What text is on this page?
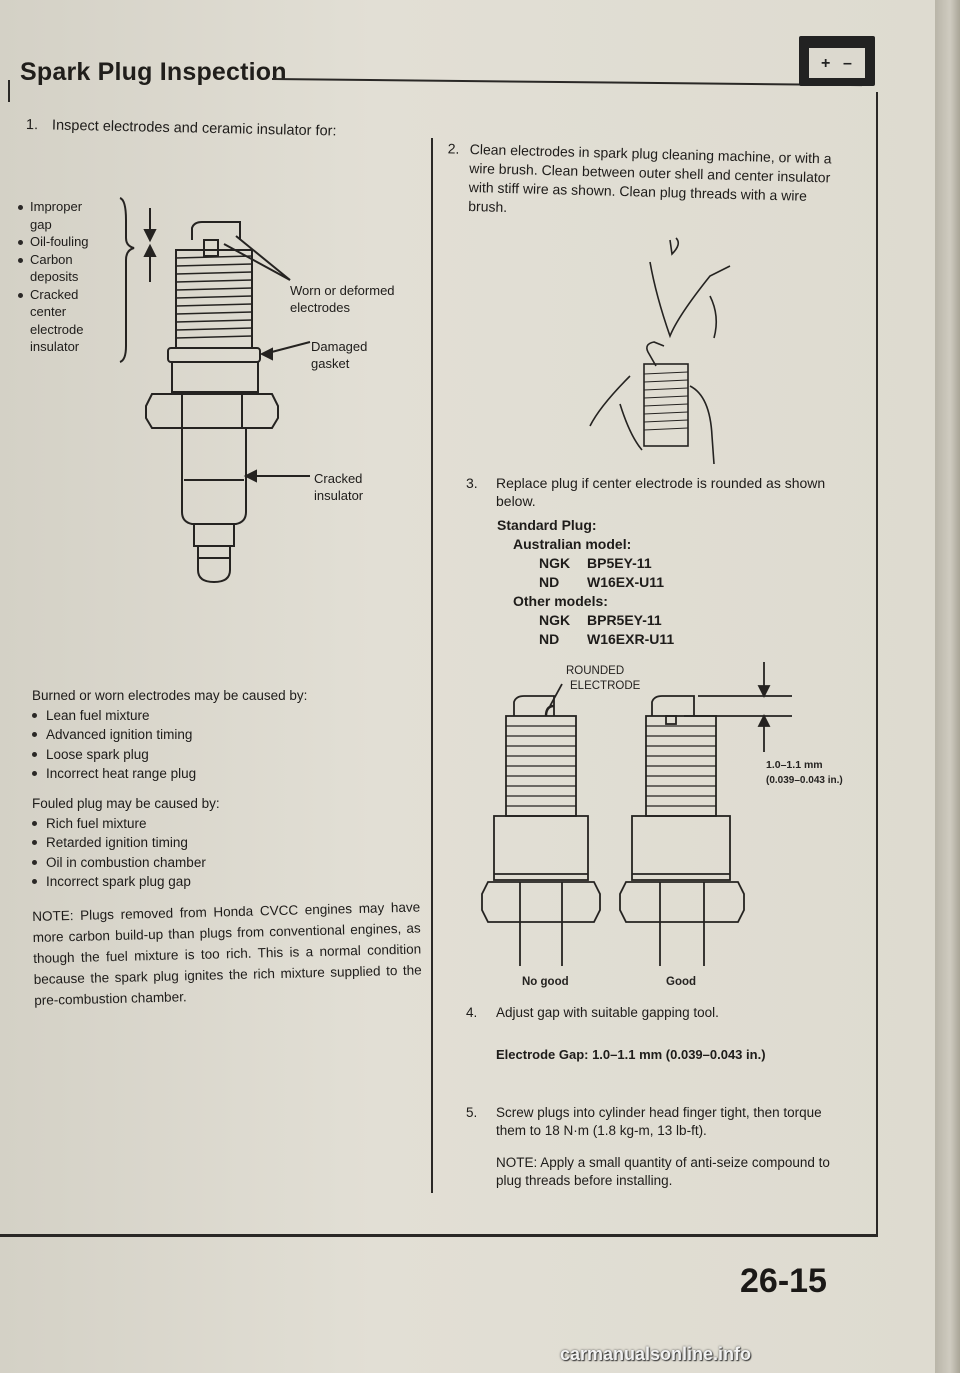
Spark Plug Inspection	+ –
1. Inspect electrodes and ceramic insulator for:
Improper
gap
Oil-fouling
Carbon
deposits
Cracked
center
electrode
insulator
Worn or deformed
electrodes
Damaged
gasket
Cracked
insulator
Burned or worn electrodes may be caused by:
Lean fuel mixture
Advanced ignition timing
Loose spark plug
Incorrect heat range plug
Fouled plug may be caused by:
Rich fuel mixture
Retarded ignition timing
Oil in combustion chamber
Incorrect spark plug gap
NOTE: Plugs removed from Honda CVCC engines may have more carbon build-up than plugs from conventional engines, as though the fuel mixture is too rich. This is a normal condition because the spark plug ignites the rich mixture supplied to the pre-combustion chamber.
2. Clean electrodes in spark plug cleaning machine, or with a wire brush. Clean between outer shell and center insulator with stiff wire as shown. Clean plug threads with a wire brush.
3.	Replace plug if center electrode is rounded as shown below.
Standard Plug:
Australian model:
NGK	BP5EY-11
ND	W16EX-U11
Other models:
NGK	BPR5EY-11
ND	W16EXR-U11
ROUNDED
ELECTRODE
1.0–1.1 mm
(0.039–0.043 in.)
No good	Good
4.	Adjust gap with suitable gapping tool.
Electrode Gap: 1.0–1.1 mm (0.039–0.043 in.)
5.	Screw plugs into cylinder head finger tight, then torque them to 18 N·m (1.8 kg-m, 13 lb-ft).
NOTE: Apply a small quantity of anti-seize compound to plug threads before installing.
26-15
carmanualsonline.info
